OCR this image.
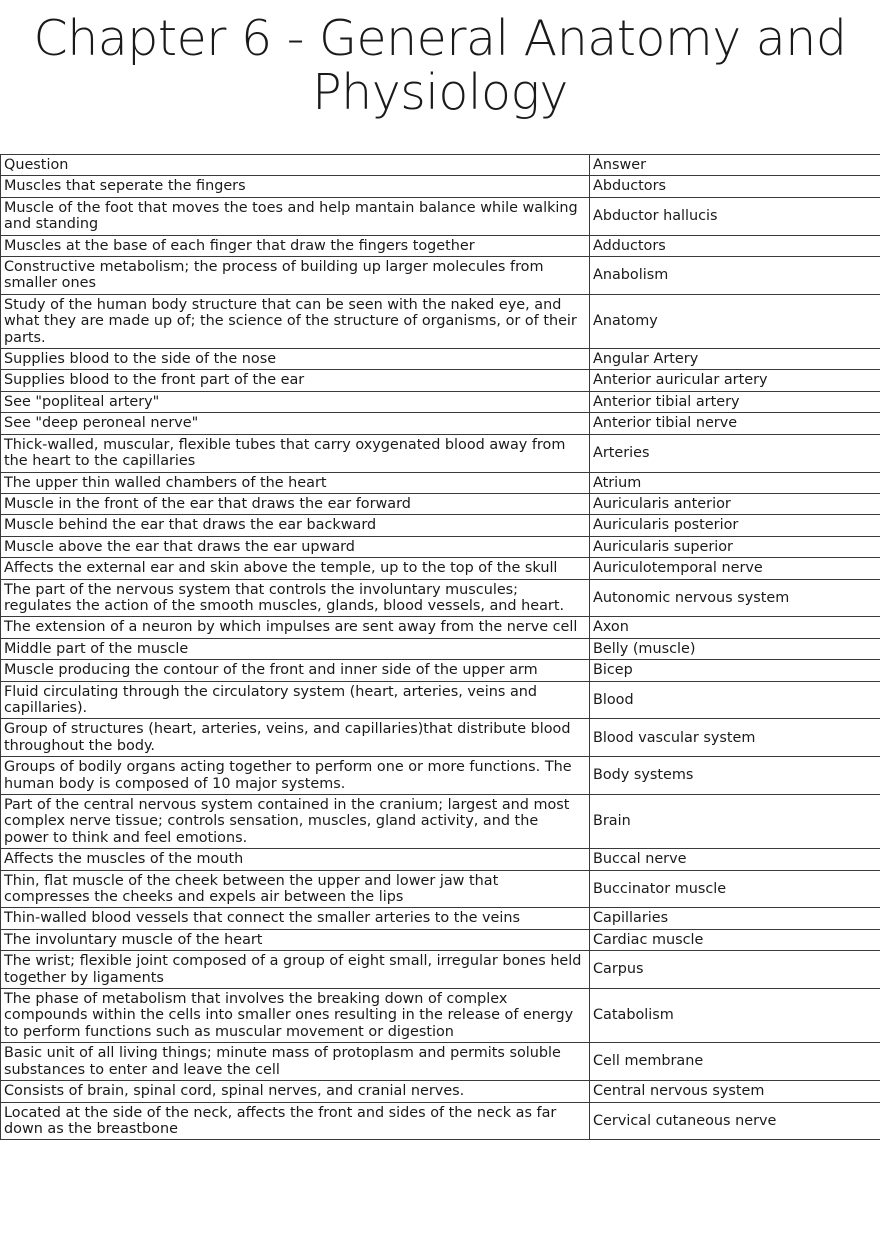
Chapter 6 - General Anatomy and
Physiology
Question	Answer
Muscles that seperate the fingers	Abductors
Muscle of the foot that moves the toes and help mantain balance while walking and standing	Abductor hallucis
Muscles at the base of each finger that draw the fingers together	Adductors
Constructive metabolism; the process of building up larger molecules from smaller ones	Anabolism
Study of the human body structure that can be seen with the naked eye, and what they are made up of; the science of the structure of organisms, or of their parts.	Anatomy
Supplies blood to the side of the nose	Angular Artery
Supplies blood to the front part of the ear	Anterior auricular artery
See "popliteal artery"	Anterior tibial artery
See "deep peroneal nerve"	Anterior tibial nerve
Thick-walled, muscular, flexible tubes that carry oxygenated blood away from the heart to the capillaries	Arteries
The upper thin walled chambers of the heart	Atrium
Muscle in the front of the ear that draws the ear forward	Auricularis anterior
Muscle behind the ear that draws the ear backward	Auricularis posterior
Muscle above the ear that draws the ear upward	Auricularis superior
Affects the external ear and skin above the temple, up to the top of the skull	Auriculotemporal nerve
The part of the nervous system that controls the involuntary muscules; regulates the action of the smooth muscles, glands, blood vessels, and heart.	Autonomic nervous system
The extension of a neuron by which impulses are sent away from the nerve cell	Axon
Middle part of the muscle	Belly (muscle)
Muscle producing the contour of the front and inner side of the upper arm	Bicep
Fluid circulating through the circulatory system (heart, arteries, veins and capillaries).	Blood
Group of structures (heart, arteries, veins, and capillaries)that distribute blood throughout the body.	Blood vascular system
Groups of bodily organs acting together to perform one or more functions. The human body is composed of 10 major systems.	Body systems
Part of the central nervous system contained in the cranium; largest and most complex nerve tissue; controls sensation, muscles, gland activity, and the power to think and feel emotions.	Brain
Affects the muscles of the mouth	Buccal nerve
Thin, flat muscle of the cheek between the upper and lower jaw that compresses the cheeks and expels air between the lips	Buccinator muscle
Thin-walled blood vessels that connect the smaller arteries to the veins	Capillaries
The involuntary muscle of the heart	Cardiac muscle
The wrist; flexible joint composed of a group of eight small, irregular bones held together by ligaments	Carpus
The phase of metabolism that involves the breaking down of complex compounds within the cells into smaller ones resulting in the release of energy to perform functions such as muscular movement or digestion	Catabolism
Basic unit of all living things; minute mass of protoplasm and permits soluble substances to enter and leave the cell	Cell membrane
Consists of brain, spinal cord, spinal nerves, and cranial nerves.	Central nervous system
Located at the side of the neck, affects the front and sides of the neck as far down as the breastbone	Cervical cutaneous nerve
